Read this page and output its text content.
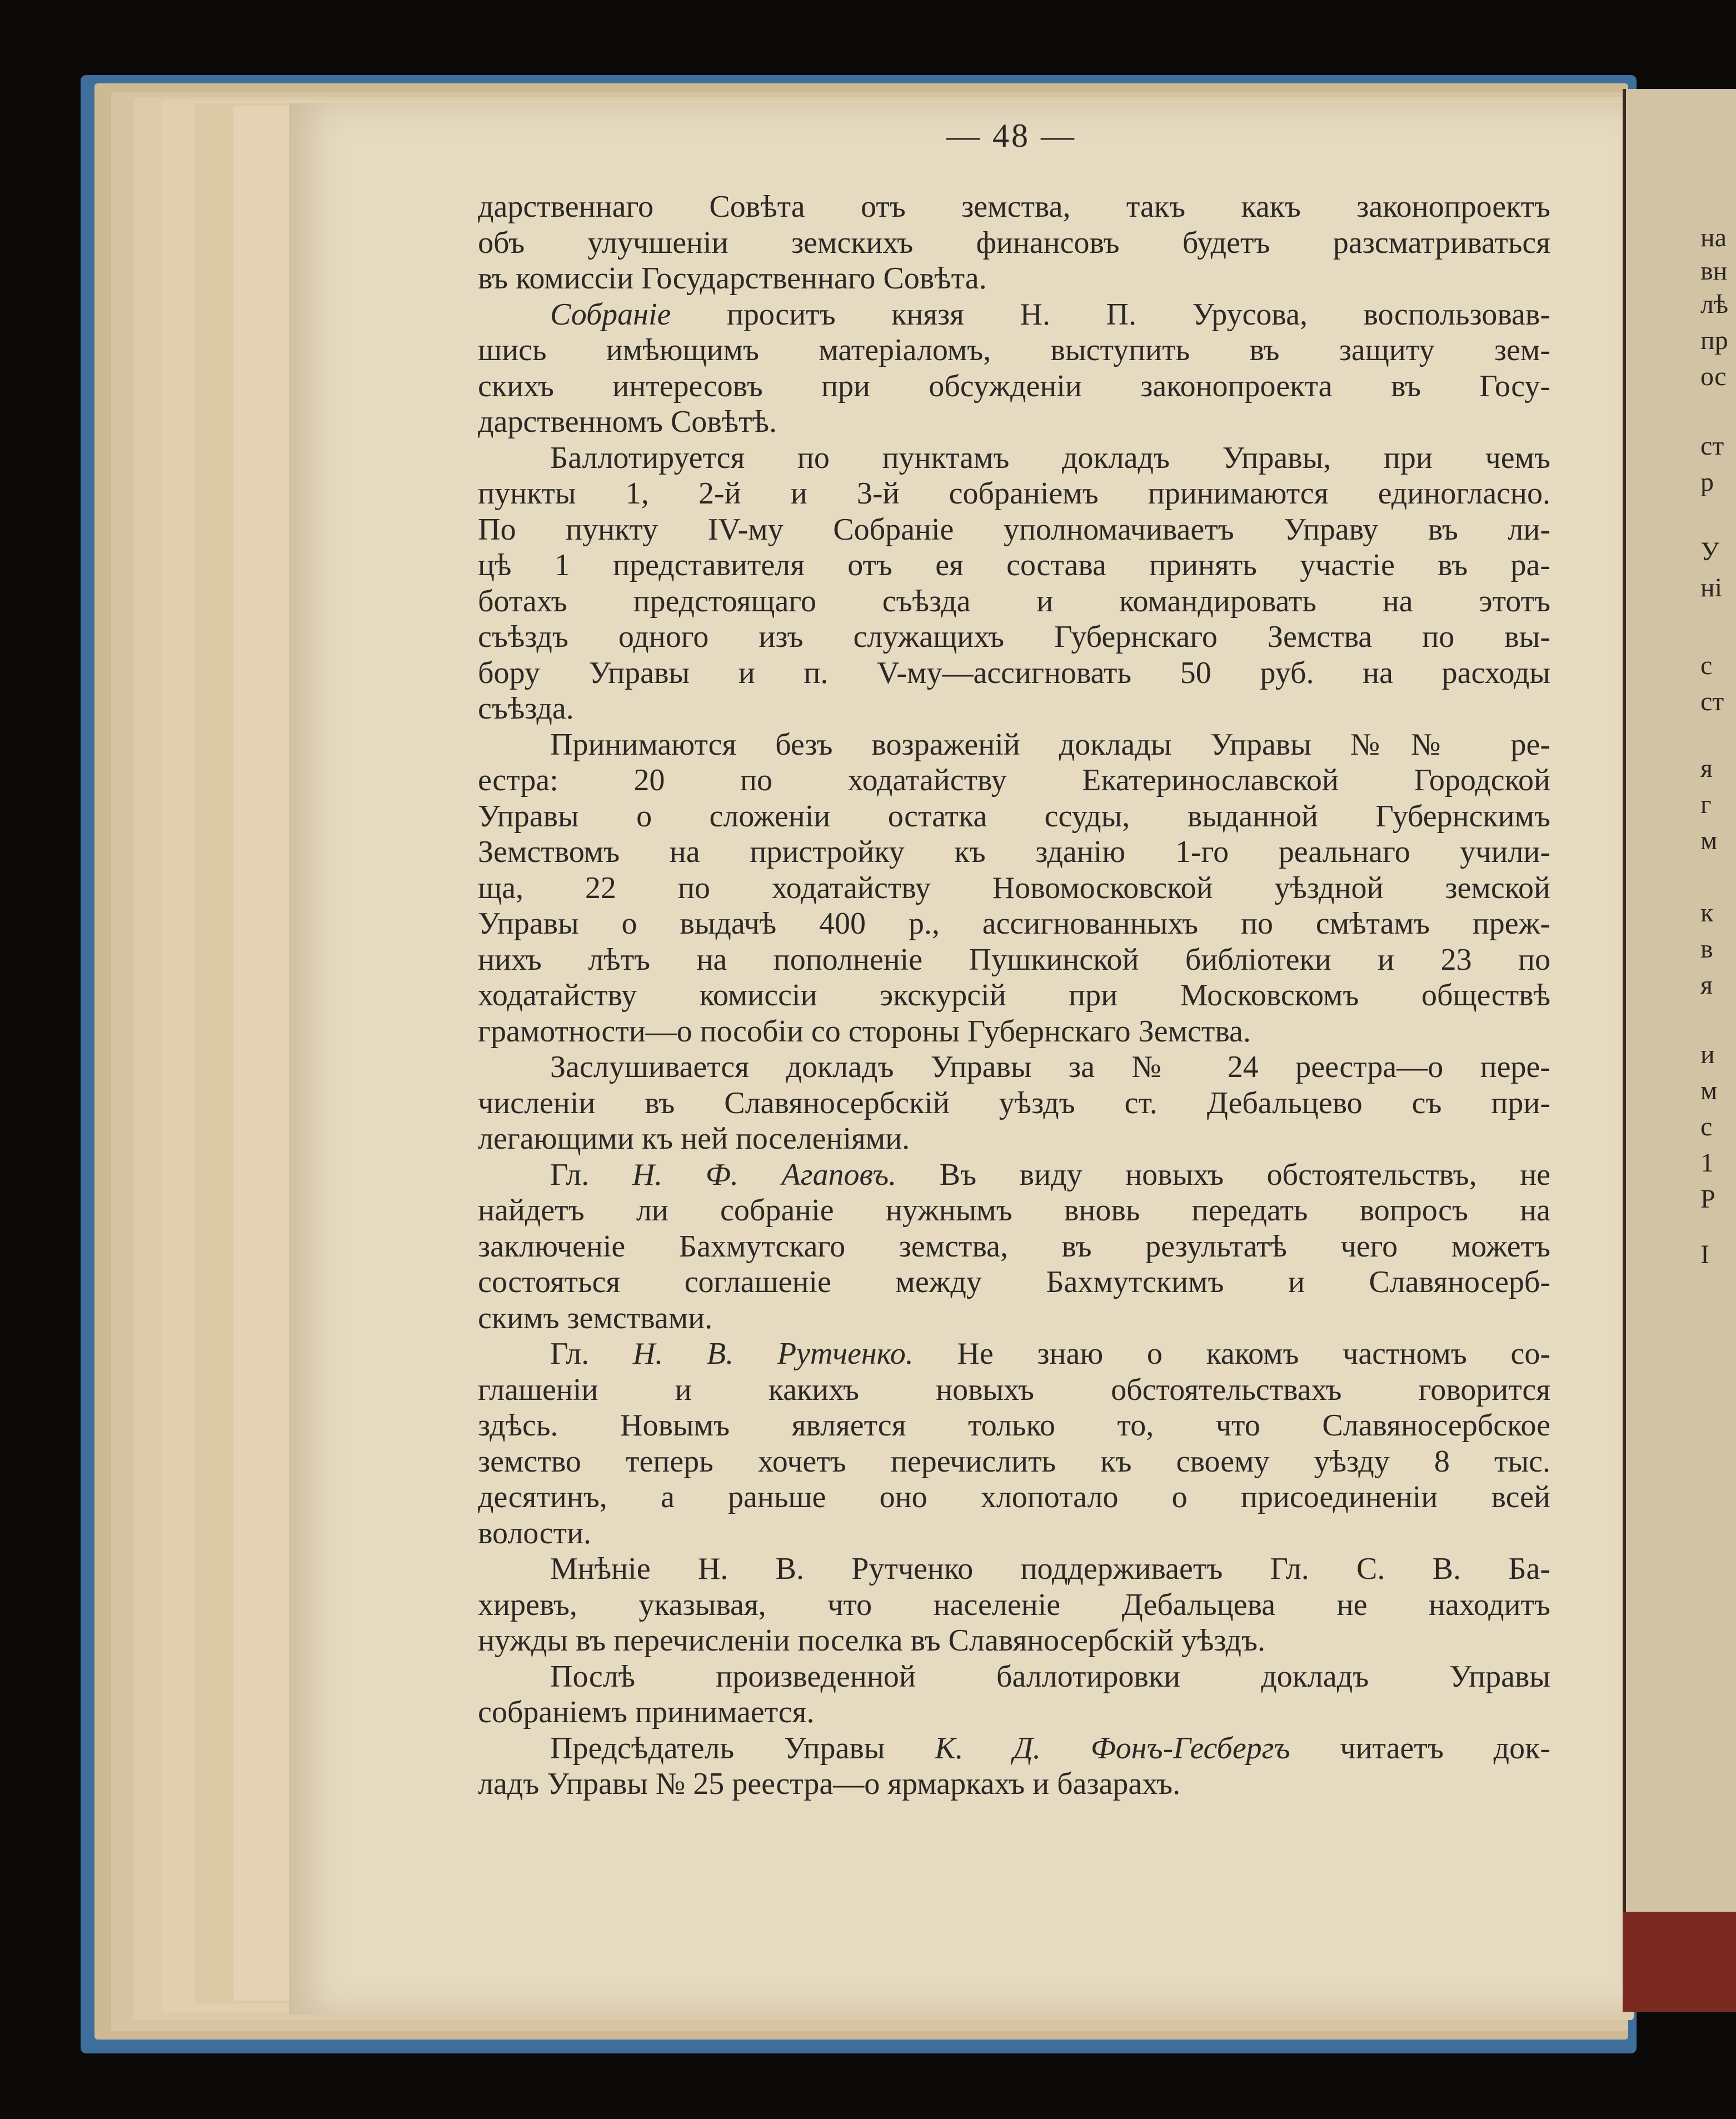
на
вн
лѣ
пр
ос
ст
р
У
ні
с
ст
я
г
м
к
в
я
и
м
с
1
Р
І
— 48 —
дарственнаго Совѣта отъ земства, такъ какъ законопроектъ
объ улучшеніи земскихъ финансовъ будетъ разсматриваться
въ комиссіи Государственнаго Совѣта.
Собраніе проситъ князя Н. П. Урусова, воспользовав-
шись имѣющимъ матеріаломъ, выступить въ защиту зем-
скихъ интересовъ при обсужденіи законопроекта въ Госу-
дарственномъ Совѣтѣ.
Баллотируется по пунктамъ докладъ Управы, при чемъ
пункты 1, 2-й и 3-й собраніемъ принимаются единогласно.
По пункту IV-му Собраніе уполномачиваетъ Управу въ ли-
цѣ 1 представителя отъ ея состава принять участіе въ ра-
ботахъ предстоящаго съѣзда и командировать на этотъ
съѣздъ одного изъ служащихъ Губернскаго Земства по вы-
бору Управы и п. V-му—ассигновать 50 руб. на расходы
съѣзда.
Принимаются безъ возраженій доклады Управы №№ ре-
естра: 20 по ходатайству Екатеринославской Городской
Управы о сложеніи остатка ссуды, выданной Губернскимъ
Земствомъ на пристройку къ зданію 1-го реальнаго учили-
ща, 22 по ходатайству Новомосковской уѣздной земской
Управы о выдачѣ 400 р., ассигнованныхъ по смѣтамъ преж-
нихъ лѣтъ на пополненіе Пушкинской библіотеки и 23 по
ходатайству комиссіи экскурсій при Московскомъ обществѣ
грамотности—о пособіи со стороны Губернскаго Земства.
Заслушивается докладъ Управы за № 24 реестра—о пере-
численіи въ Славяносербскій уѣздъ ст. Дебальцево съ при-
легающими къ ней поселеніями.
Гл. Н. Ф. Агаповъ. Въ виду новыхъ обстоятельствъ, не
найдетъ ли собраніе нужнымъ вновь передать вопросъ на
заключеніе Бахмутскаго земства, въ результатѣ чего можетъ
состояться соглашеніе между Бахмутскимъ и Славяносерб-
скимъ земствами.
Гл. Н. В. Рутченко. Не знаю о какомъ частномъ со-
глашеніи и какихъ новыхъ обстоятельствахъ говорится
здѣсь. Новымъ является только то, что Славяносербское
земство теперь хочетъ перечислить къ своему уѣзду 8 тыс.
десятинъ, а раньше оно хлопотало о присоединеніи всей
волости.
Мнѣніе Н. В. Рутченко поддерживаетъ Гл. С. В. Ба-
хиревъ, указывая, что населеніе Дебальцева не находитъ
нужды въ перечисленіи поселка въ Славяносербскій уѣздъ.
Послѣ произведенной баллотировки докладъ Управы
собраніемъ принимается.
Предсѣдатель Управы К. Д. Фонъ-Гесбергъ читаетъ док-
ладъ Управы № 25 реестра—о ярмаркахъ и базарахъ.
